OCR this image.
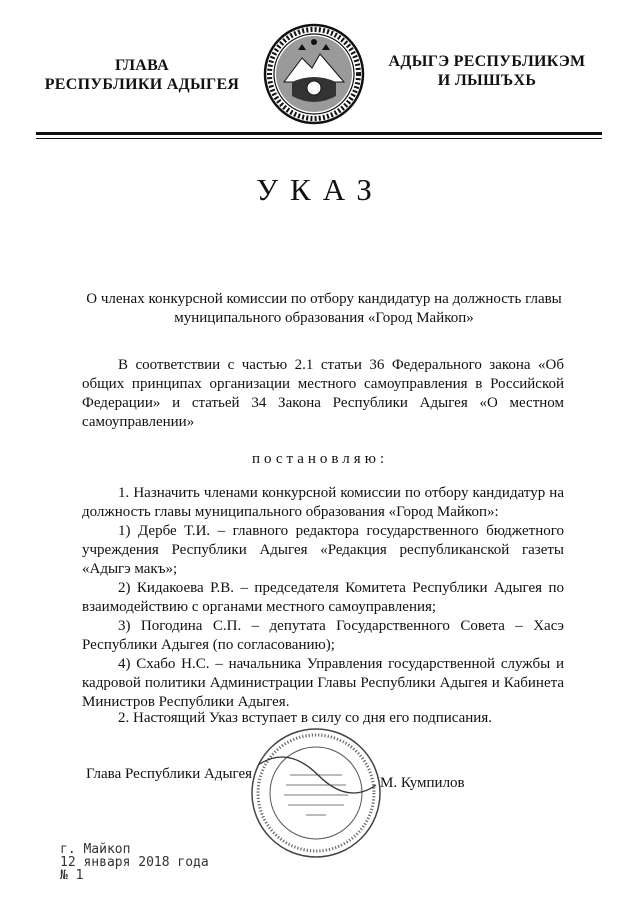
ГЛАВА
РЕСПУБЛИКИ АДЫГЕЯ
АДЫГЭ РЕСПУБЛИКЭМ
И ЛЫШЪХЬ
УКАЗ
О членах конкурсной комиссии по отбору кандидатур на должность главы муниципального образования «Город Майкоп»
В соответствии с частью 2.1 статьи 36 Федерального закона «Об общих принципах организации местного самоуправления в Российской Федерации» и статьей 34 Закона Республики Адыгея «О местном самоуправлении»
постановляю:

1. Назначить членами конкурсной комиссии по отбору кандидатур на должность главы муниципального образования «Город Майкоп»:

1) Дербе Т.И. – главного редактора государственного бюджетного учреждения Республики Адыгея «Редакция республиканской газеты «Адыгэ макъ»;

2) Кидакоева Р.В. – председателя Комитета Республики Адыгея по взаимодействию с органами местного самоуправления;

3) Погодина С.П. – депутата Государственного Совета – Хасэ Республики Адыгея (по согласованию);

4) Схабо Н.С. – начальника Управления государственной службы и кадровой политики Администрации Главы Республики Адыгея и Кабинета Министров Республики Адыгея.

2. Настоящий Указ вступает в силу со дня его подписания.
Глава Республики Адыгея
М. Кумпилов
г. Майкоп
12 января 2018 года
№ 1
